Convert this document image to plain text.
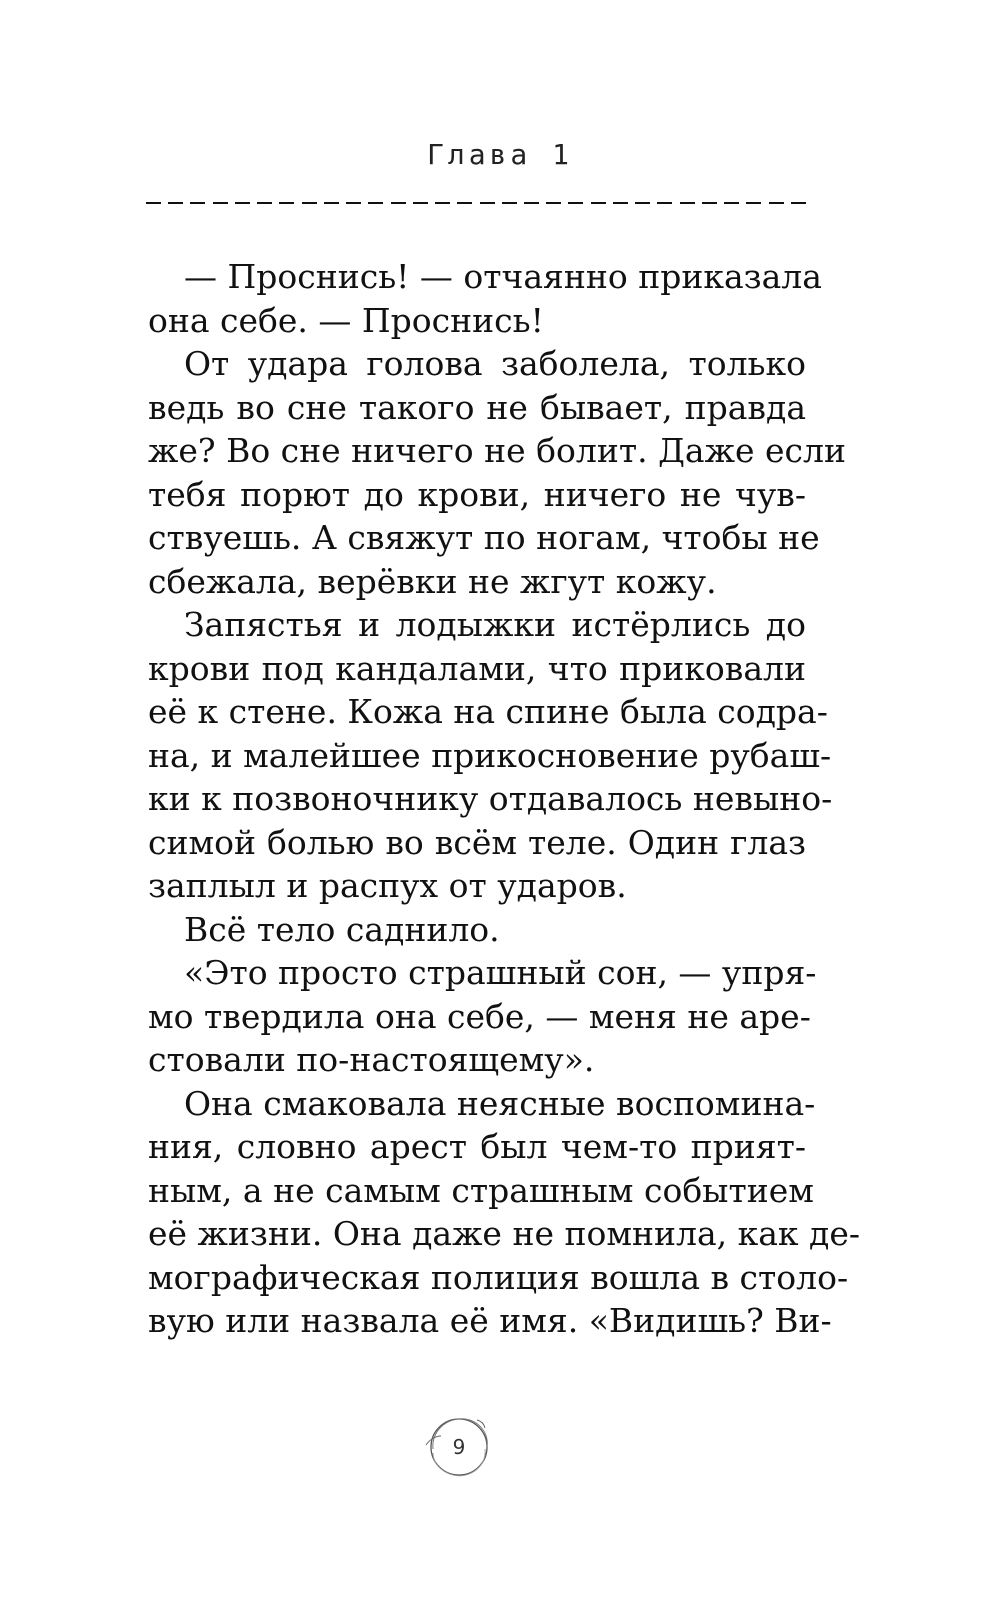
Глава 1
— Проснись! — отчаянно приказала
она себе. — Проснись!
От удара голова заболела, только
ведь во сне такого не бывает, правда
же? Во сне ничего не болит. Даже если
тебя порют до крови, ничего не чув-
ствуешь. А свяжут по ногам, чтобы не
сбежала, верёвки не жгут кожу.
Запястья и лодыжки истёрлись до
крови под кандалами, что приковали
её к стене. Кожа на спине была содра-
на, и малейшее прикосновение рубаш-
ки к позвоночнику отдавалось невыно-
симой болью во всём теле. Один глаз
заплыл и распух от ударов.
Всё тело саднило.
«Это просто страшный сон, — упря-
мо твердила она себе, — меня не аре-
стовали по-настоящему».
Она смаковала неясные воспомина-
ния, словно арест был чем-то прият-
ным, а не самым страшным событием
её жизни. Она даже не помнила, как де-
мографическая полиция вошла в столо-
вую или назвала её имя. «Видишь? Ви-
9
